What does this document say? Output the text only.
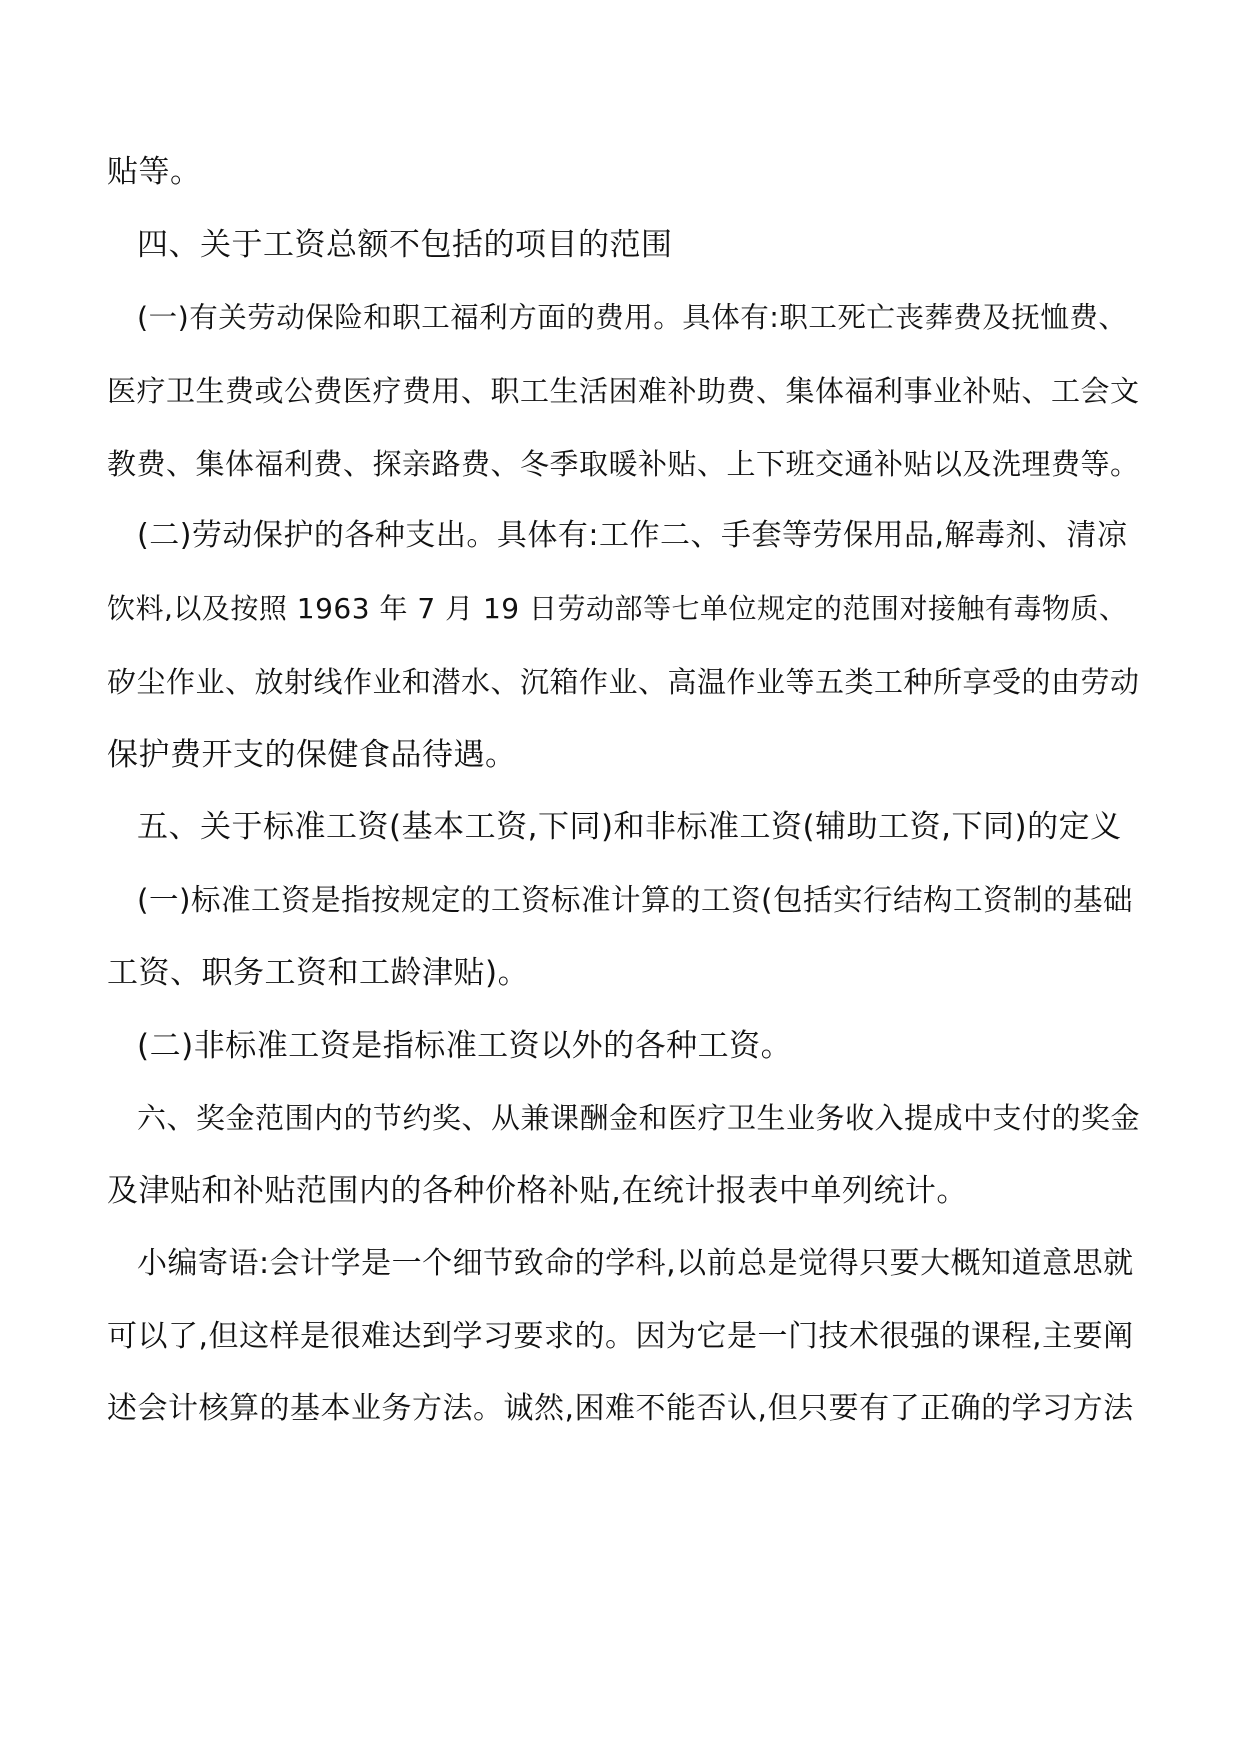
贴等。
四、关于工资总额不包括的项目的范围
(一)有关劳动保险和职工福利方面的费用。具体有:职工死亡丧葬费及抚恤费、
医疗卫生费或公费医疗费用、职工生活困难补助费、集体福利事业补贴、工会文
教费、集体福利费、探亲路费、冬季取暖补贴、上下班交通补贴以及洗理费等。
(二)劳动保护的各种支出。具体有:工作二、手套等劳保用品,解毒剂、清凉
饮料,以及按照 1963 年 7 月 19 日劳动部等七单位规定的范围对接触有毒物质、
矽尘作业、放射线作业和潜水、沉箱作业、高温作业等五类工种所享受的由劳动
保护费开支的保健食品待遇。
五、关于标准工资(基本工资,下同)和非标准工资(辅助工资,下同)的定义
(一)标准工资是指按规定的工资标准计算的工资(包括实行结构工资制的基础
工资、职务工资和工龄津贴)。
(二)非标准工资是指标准工资以外的各种工资。
六、奖金范围内的节约奖、从兼课酬金和医疗卫生业务收入提成中支付的奖金
及津贴和补贴范围内的各种价格补贴,在统计报表中单列统计。
小编寄语:会计学是一个细节致命的学科,以前总是觉得只要大概知道意思就
可以了,但这样是很难达到学习要求的。因为它是一门技术很强的课程,主要阐
述会计核算的基本业务方法。诚然,困难不能否认,但只要有了正确的学习方法
